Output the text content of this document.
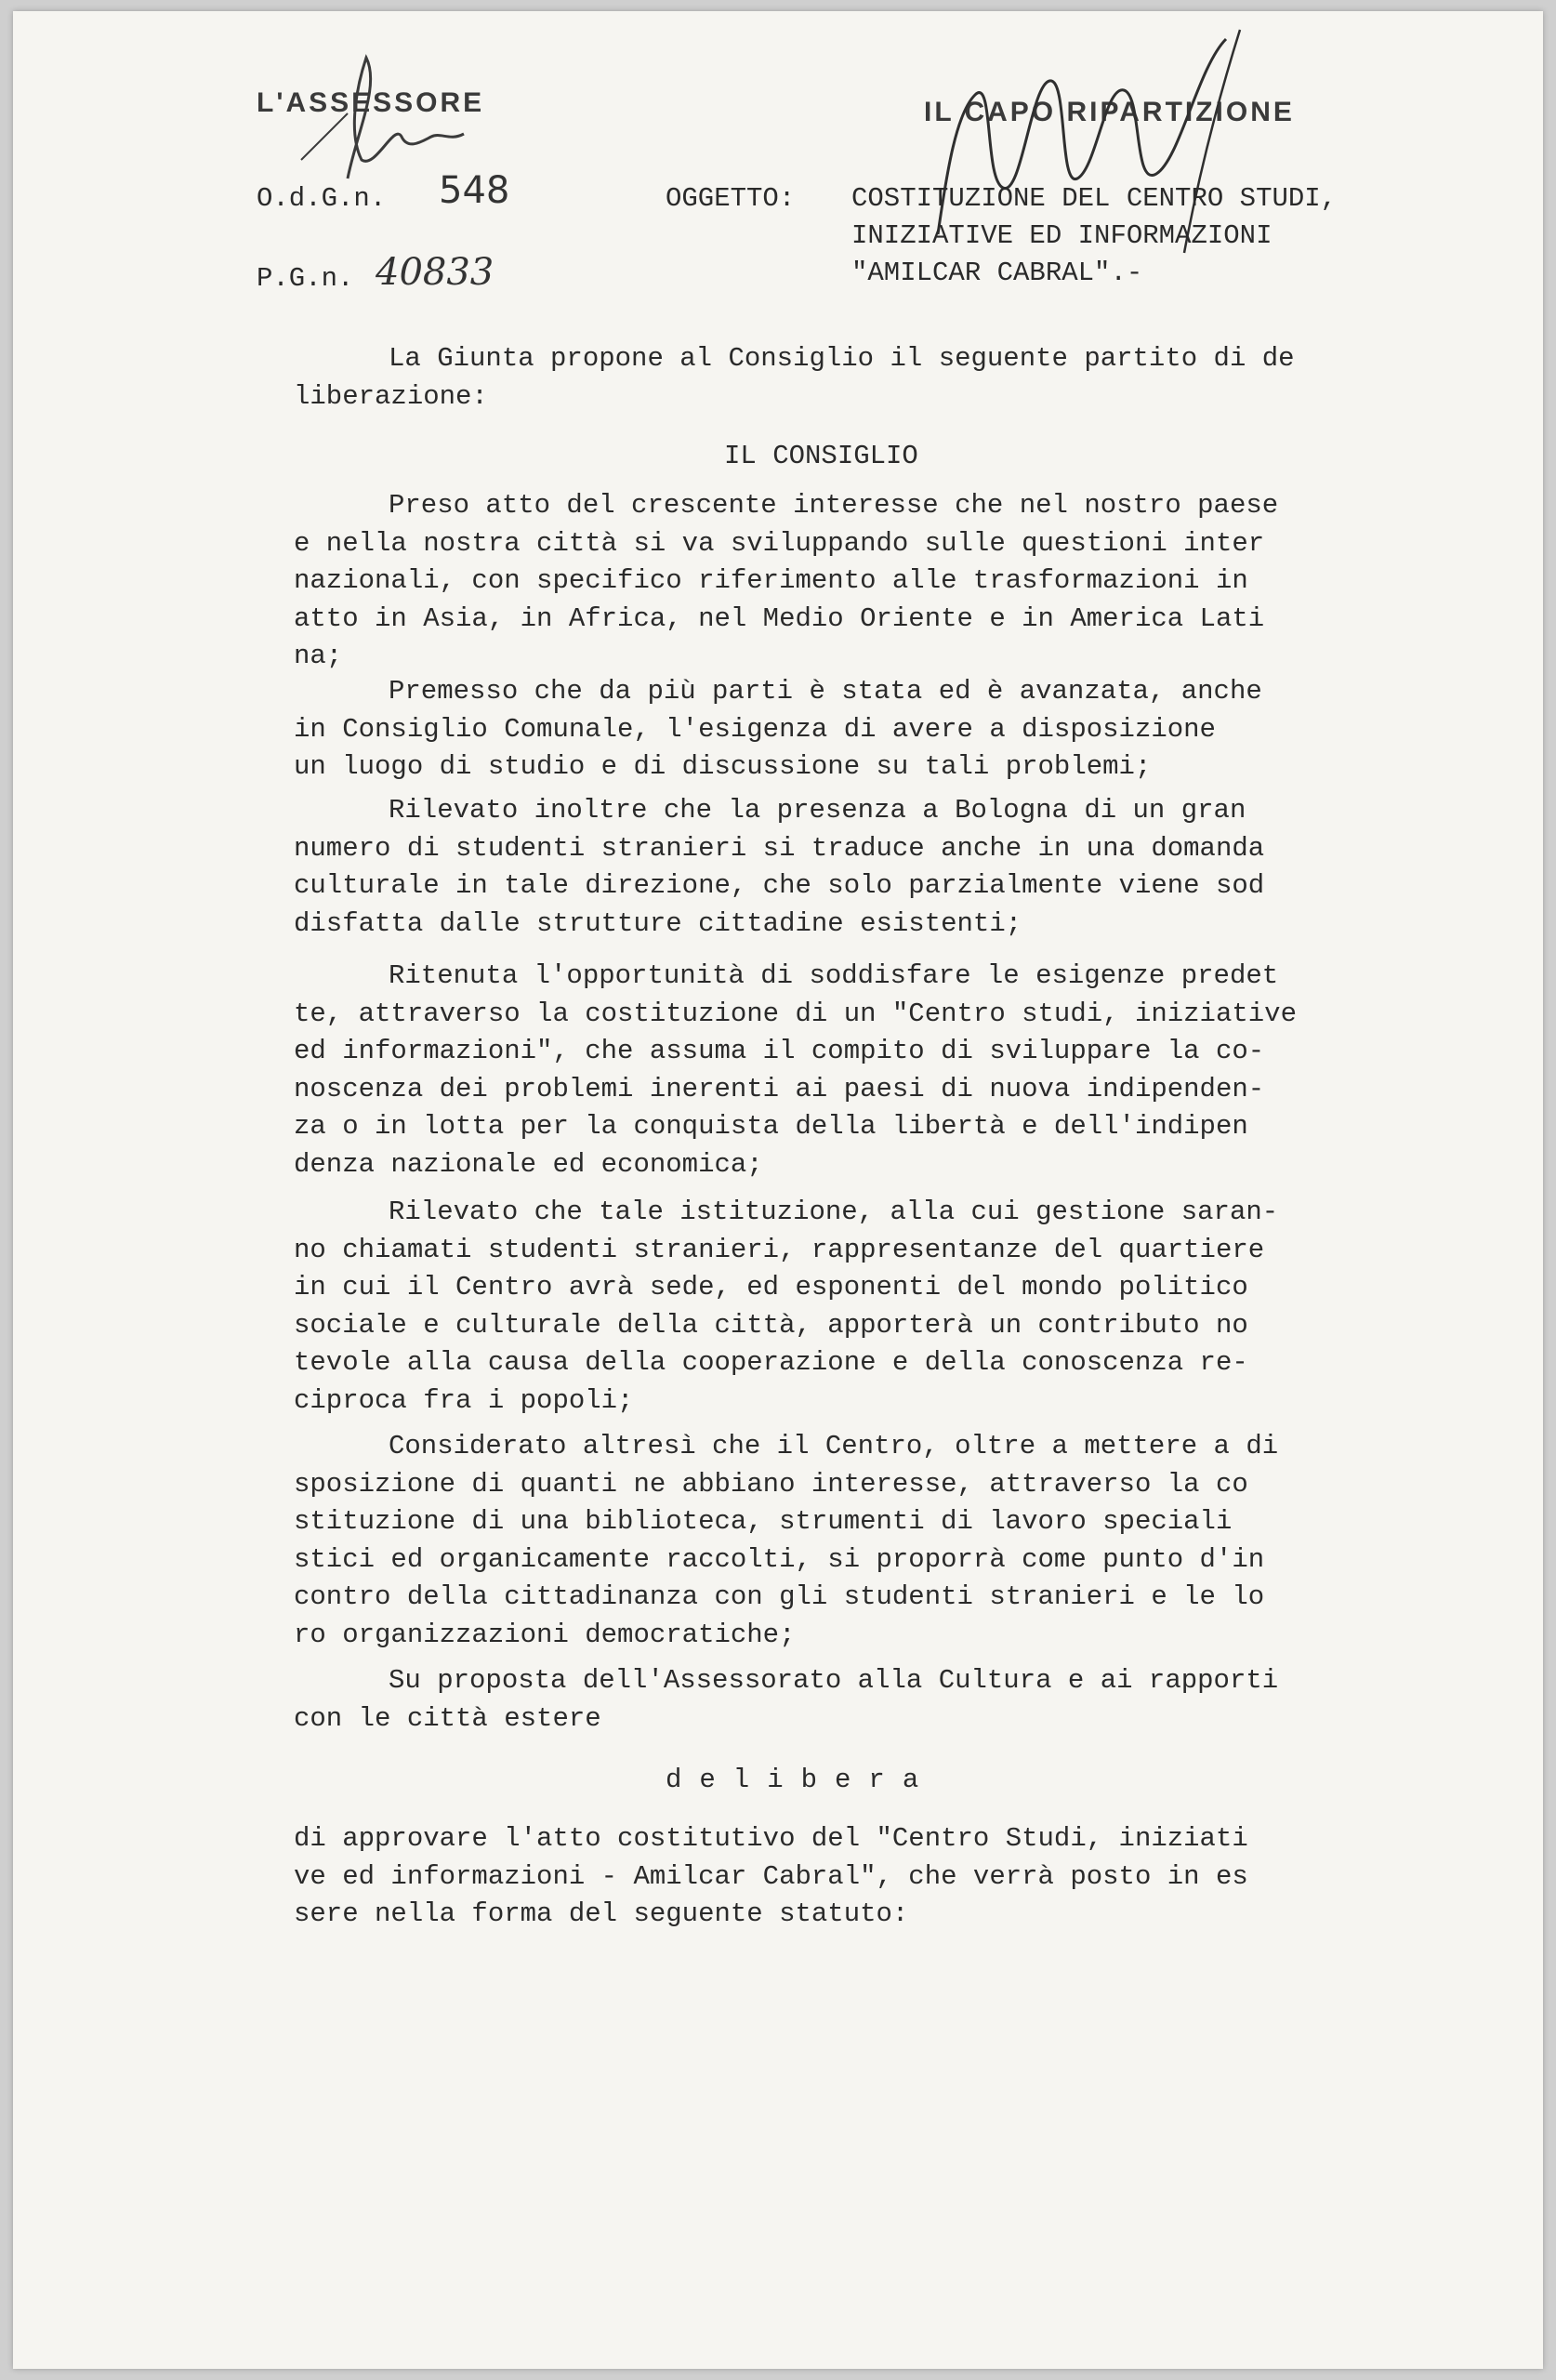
L'ASSESSORE	IL CAPO RIPARTIZIONE
O.d.G.n. 548
P.G.n. 40833
OGGETTO: COSTITUZIONE DEL CENTRO STUDI,
INIZIATIVE ED INFORMAZIONI
"AMILCAR CABRAL".-

La Giunta propone al Consiglio il seguente partito di de

liberazione:

IL CONSIGLIO

Preso atto del crescente interesse che nel nostro paese

e nella nostra città si va sviluppando sulle questioni inter

nazionali, con specifico riferimento alle trasformazioni in

atto in Asia, in Africa, nel Medio Oriente e in America Lati

na;

Premesso che da più parti è stata ed è avanzata, anche

in Consiglio Comunale, l'esigenza di avere a disposizione

un luogo di studio e di discussione su tali problemi;

Rilevato inoltre che la presenza a Bologna di un gran

numero di studenti stranieri si traduce anche in una domanda

culturale in tale direzione, che solo parzialmente viene sod

disfatta dalle strutture cittadine esistenti;

Ritenuta l'opportunità di soddisfare le esigenze predet

te, attraverso la costituzione di un "Centro studi, iniziative

ed informazioni", che assuma il compito di sviluppare la co-

noscenza dei problemi inerenti ai paesi di nuova indipenden-

za o in lotta per la conquista della libertà e dell'indipen

denza nazionale ed economica;

Rilevato che tale istituzione, alla cui gestione saran-

no chiamati studenti stranieri, rappresentanze del quartiere

in cui il Centro avrà sede, ed esponenti del mondo politico

sociale e culturale della città, apporterà un contributo no

tevole alla causa della cooperazione e della conoscenza re-

ciproca fra i popoli;

Considerato altresì che il Centro, oltre a mettere a di

sposizione di quanti ne abbiano interesse, attraverso la co

stituzione di una biblioteca, strumenti di lavoro speciali

stici ed organicamente raccolti, si proporrà come punto d'in

contro della cittadinanza con gli studenti stranieri e le lo

ro organizzazioni democratiche;

Su proposta dell'Assessorato alla Cultura e ai rapporti

con le città estere

delibera

di approvare l'atto costitutivo del "Centro Studi, iniziati

ve ed informazioni - Amilcar Cabral", che verrà posto in es

sere nella forma del seguente statuto:
